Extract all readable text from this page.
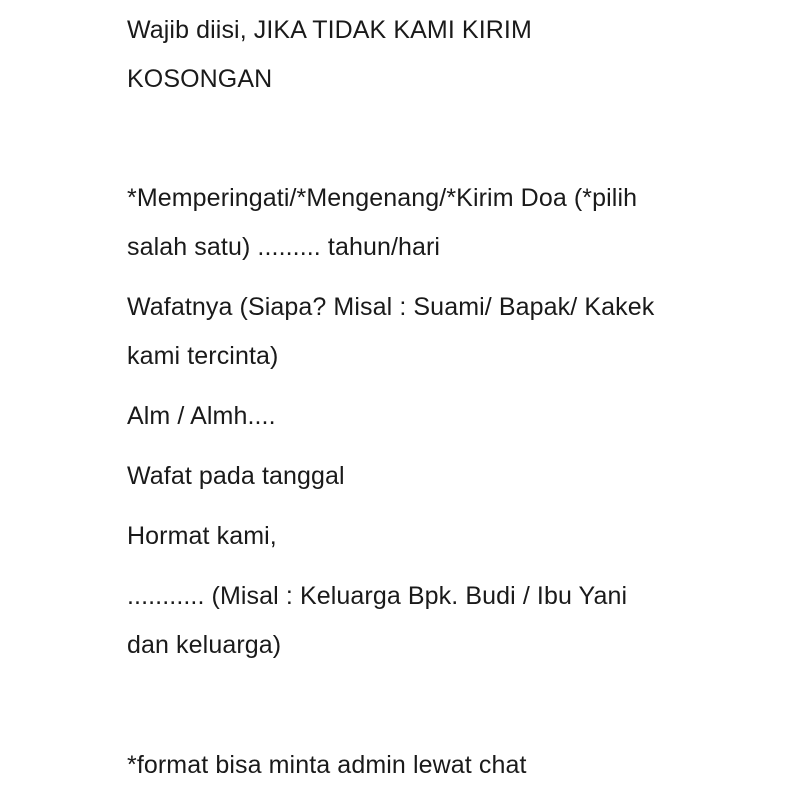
Wajib diisi, JIKA TIDAK KAMI KIRIM
KOSONGAN
*Memperingati/*Mengenang/*Kirim Doa (*pilih
salah satu) ......... tahun/hari
Wafatnya (Siapa? Misal : Suami/ Bapak/ Kakek
kami tercinta)
Alm / Almh....
Wafat pada tanggal
Hormat kami,
........... (Misal : Keluarga Bpk. Budi / Ibu Yani
dan keluarga)
*format bisa minta admin lewat chat
